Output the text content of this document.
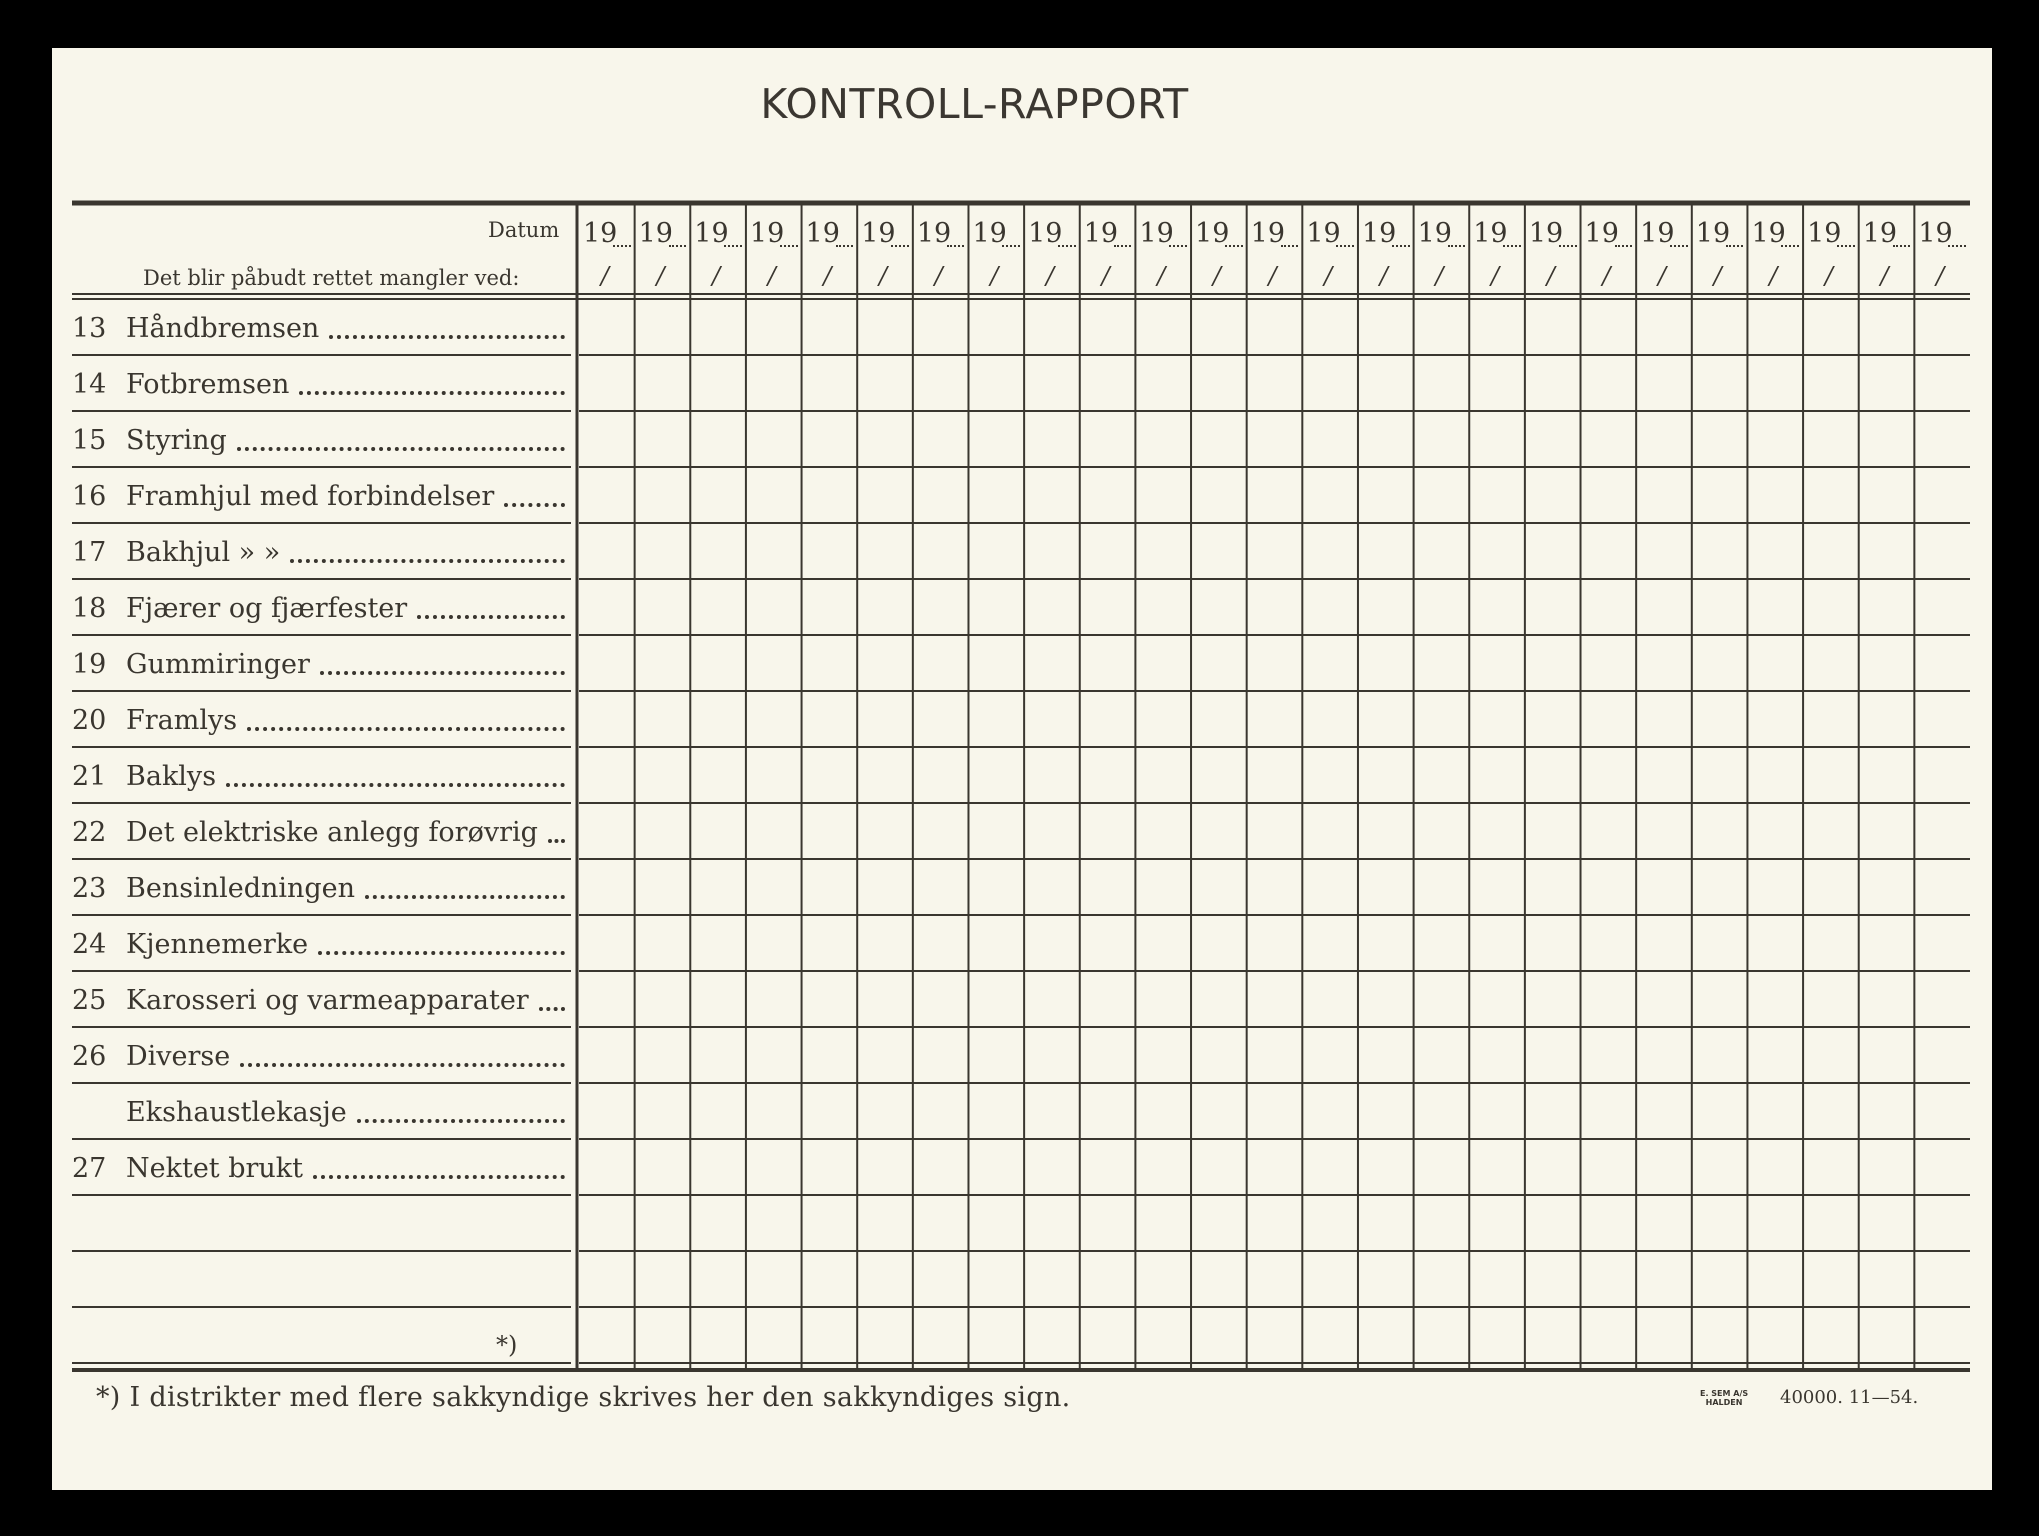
KONTROLL-RAPPORT
Datum
Det blir påbudt rettet mangler ved:
19
/
19
/
19
/
19
/
19
/
19
/
19
/
19
/
19
/
19
/
19
/
19
/
19
/
19
/
19
/
19
/
19
/
19
/
19
/
19
/
19
/
19
/
19
/
19
/
19
/
13 Håndbremsen
14 Fotbremsen
15 Styring
16 Framhjul med forbindelser
17 Bakhjul » »
18 Fjærer og fjærfester
19 Gummiringer
20 Framlys
21 Baklys
22 Det elektriske anlegg forøvrig
23 Bensinledningen
24 Kjennemerke
25 Karosseri og varmeapparater
26 Diverse
Ekshaustlekasje
27 Nektet brukt
*)
*) I distrikter med flere sakkyndige skrives her den sakkyndiges sign.	E. SEM A/S
HALDEN	40000. 11—54.
